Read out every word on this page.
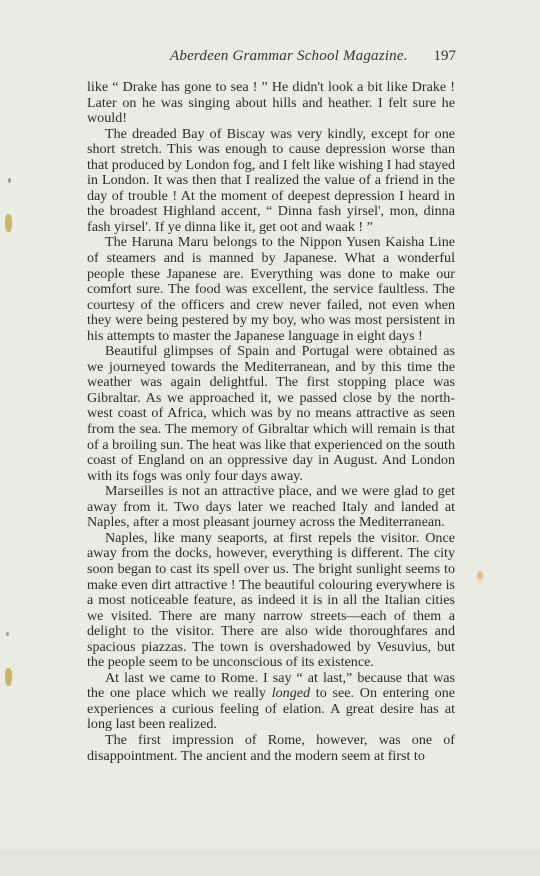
Aberdeen Grammar School Magazine. 197

like “ Drake has gone to sea ! ” He didn't look a bit like Drake ! Later on he was singing about hills and heather. I felt sure he would!

The dreaded Bay of Biscay was very kindly, except for one short stretch. This was enough to cause depression worse than that produced by London fog, and I felt like wishing I had stayed in London. It was then that I realized the value of a friend in the day of trouble ! At the moment of deepest depression I heard in the broadest Highland accent, “ Dinna fash yirsel', mon, dinna fash yirsel'. If ye dinna like it, get oot and waak ! ”

The Haruna Maru belongs to the Nippon Yusen Kaisha Line of steamers and is manned by Japanese. What a wonderful people these Japanese are. Everything was done to make our comfort sure. The food was excellent, the service faultless. The courtesy of the officers and crew never failed, not even when they were being pestered by my boy, who was most persistent in his attempts to master the Japanese language in eight days !

Beautiful glimpses of Spain and Portugal were obtained as we journeyed towards the Mediterranean, and by this time the weather was again delightful. The first stopping place was Gibraltar. As we approached it, we passed close by the north-west coast of Africa, which was by no means attractive as seen from the sea. The memory of Gibraltar which will remain is that of a broiling sun. The heat was like that experienced on the south coast of England on an oppressive day in August. And London with its fogs was only four days away.

Marseilles is not an attractive place, and we were glad to get away from it. Two days later we reached Italy and landed at Naples, after a most pleasant journey across the Mediterranean.

Naples, like many seaports, at first repels the visitor. Once away from the docks, however, everything is different. The city soon began to cast its spell over us. The bright sunlight seems to make even dirt attractive ! The beautiful colouring everywhere is a most noticeable feature, as indeed it is in all the Italian cities we visited. There are many narrow streets—each of them a delight to the visitor. There are also wide thoroughfares and spacious piazzas. The town is overshadowed by Vesuvius, but the people seem to be unconscious of its existence.

At last we came to Rome. I say “ at last,” because that was the one place which we really longed to see. On entering one experiences a curious feeling of elation. A great desire has at long last been realized.

The first impression of Rome, however, was one of disappointment. The ancient and the modern seem at first to
